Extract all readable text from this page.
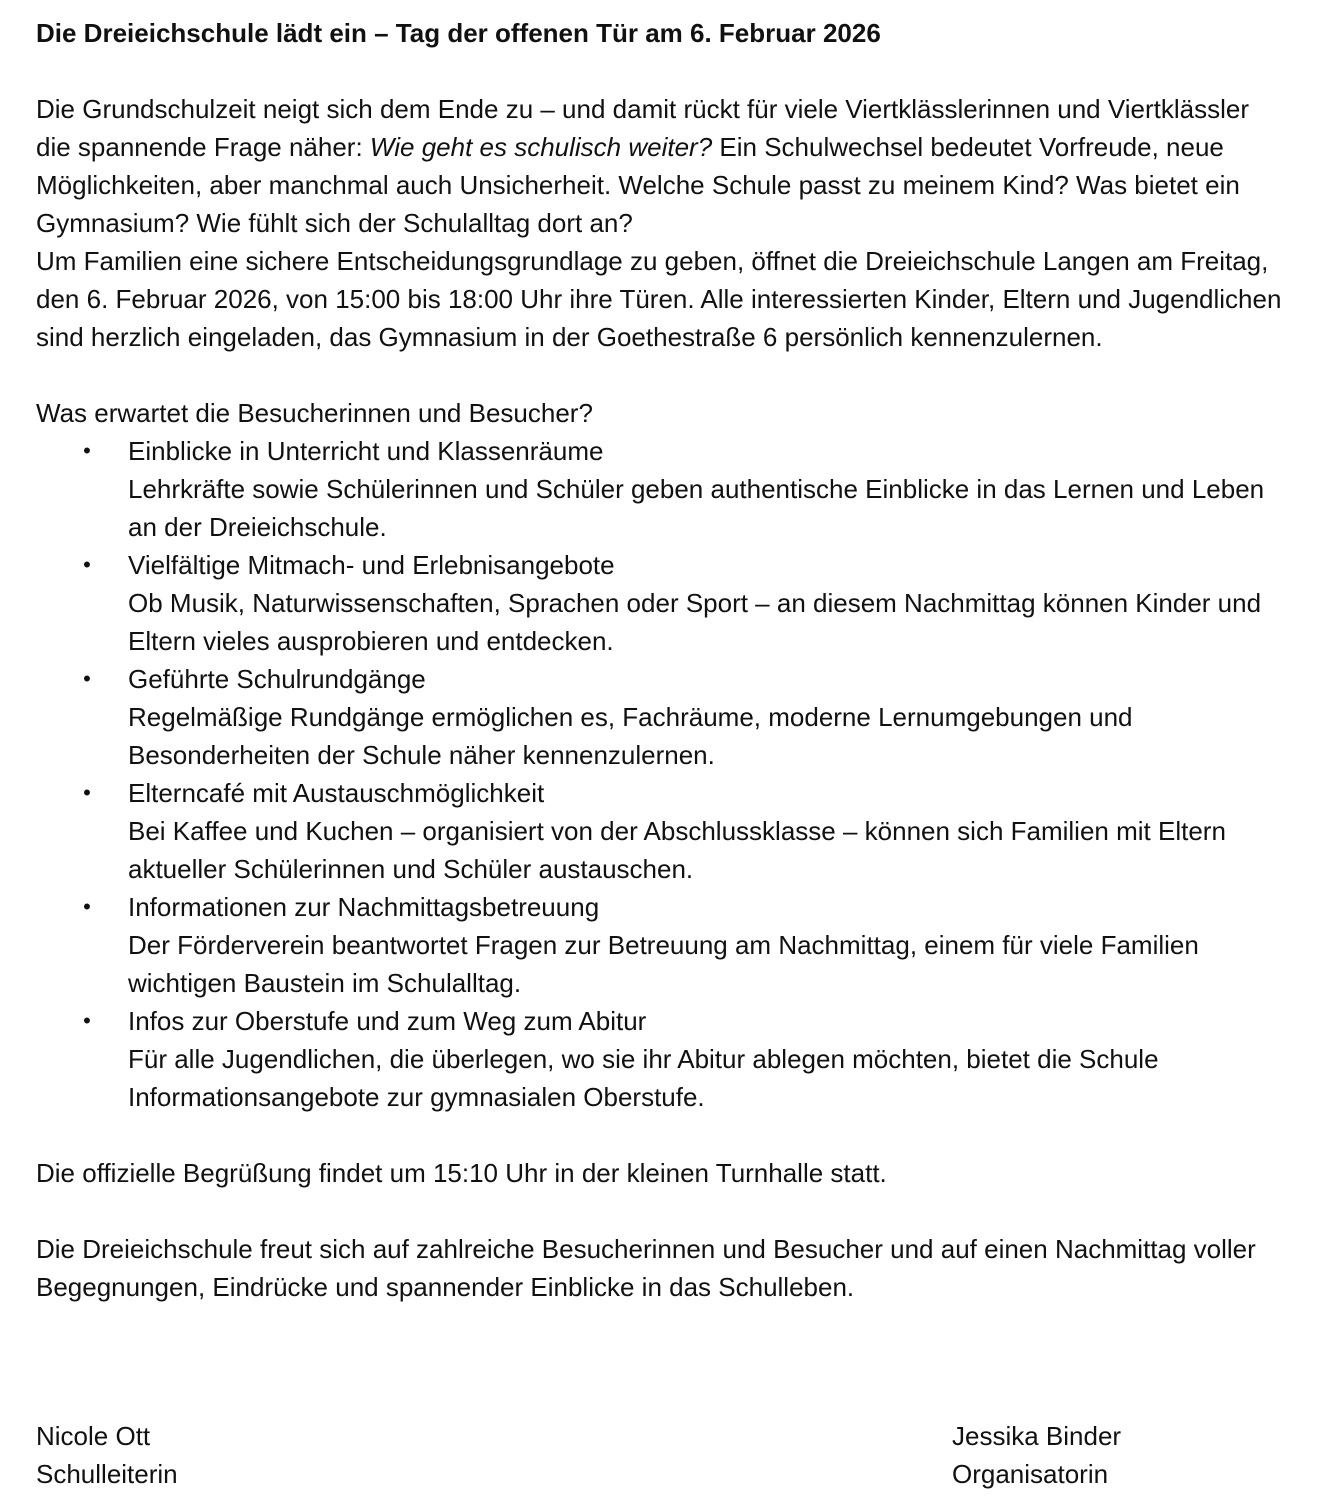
Die Dreieichschule lädt ein – Tag der offenen Tür am 6. Februar 2026

Die Grundschulzeit neigt sich dem Ende zu – und damit rückt für viele Viertklässlerinnen und Viertklässler die spannende Frage näher: Wie geht es schulisch weiter? Ein Schulwechsel bedeutet Vorfreude, neue Möglichkeiten, aber manchmal auch Unsicherheit. Welche Schule passt zu meinem Kind? Was bietet ein Gymnasium? Wie fühlt sich der Schulalltag dort an?

Um Familien eine sichere Entscheidungsgrundlage zu geben, öffnet die Dreieichschule Langen am Freitag, den 6. Februar 2026, von 15:00 bis 18:00 Uhr ihre Türen. Alle interessierten Kinder, Eltern und Jugendlichen sind herzlich eingeladen, das Gymnasium in der Goethestraße 6 persönlich kennenzulernen.

Was erwartet die Besucherinnen und Besucher?

• Einblicke in Unterricht und Klassenräume
Lehrkräfte sowie Schülerinnen und Schüler geben authentische Einblicke in das Lernen und Leben an der Dreieichschule.
• Vielfältige Mitmach- und Erlebnisangebote
Ob Musik, Naturwissenschaften, Sprachen oder Sport – an diesem Nachmittag können Kinder und Eltern vieles ausprobieren und entdecken.
• Geführte Schulrundgänge
Regelmäßige Rundgänge ermöglichen es, Fachräume, moderne Lernumgebungen und Besonderheiten der Schule näher kennenzulernen.
• Elterncafé mit Austauschmöglichkeit
Bei Kaffee und Kuchen – organisiert von der Abschlussklasse – können sich Familien mit Eltern aktueller Schülerinnen und Schüler austauschen.
• Informationen zur Nachmittagsbetreuung
Der Förderverein beantwortet Fragen zur Betreuung am Nachmittag, einem für viele Familien wichtigen Baustein im Schulalltag.
• Infos zur Oberstufe und zum Weg zum Abitur
Für alle Jugendlichen, die überlegen, wo sie ihr Abitur ablegen möchten, bietet die Schule Informationsangebote zur gymnasialen Oberstufe.

Die offizielle Begrüßung findet um 15:10 Uhr in der kleinen Turnhalle statt.

Die Dreieichschule freut sich auf zahlreiche Besucherinnen und Besucher und auf einen Nachmittag voller Begegnungen, Eindrücke und spannender Einblicke in das Schulleben.

Nicole Ott
Schulleiterin
Jessika Binder
Organisatorin
